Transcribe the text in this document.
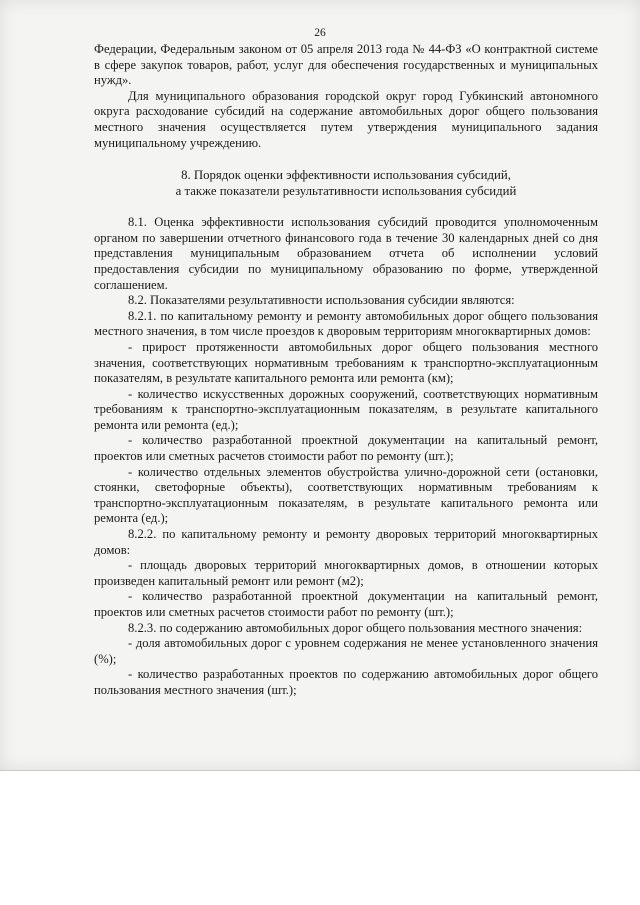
26

Федерации, Федеральным законом от 05 апреля 2013 года № 44-ФЗ «О контрактной системе в сфере закупок товаров, работ, услуг для обеспечения государственных и муниципальных нужд».

Для муниципального образования городской округ город Губкинский автономного округа расходование субсидий на содержание автомобильных дорог общего пользования местного значения осуществляется путем утверждения муниципального задания муниципальному учреждению.

8. Порядок оценки эффективности использования субсидий,
а также показатели результативности использования субсидий

8.1. Оценка эффективности использования субсидий проводится уполномоченным органом по завершении отчетного финансового года в течение 30 календарных дней со дня представления муниципальным образованием отчета об исполнении условий предоставления субсидии по муниципальному образованию по форме, утвержденной соглашением.

8.2. Показателями результативности использования субсидии являются:

8.2.1. по капитальному ремонту и ремонту автомобильных дорог общего пользования местного значения, в том числе проездов к дворовым территориям многоквартирных домов:

- прирост протяженности автомобильных дорог общего пользования местного значения, соответствующих нормативным требованиям к транспортно-эксплуатационным показателям, в результате капитального ремонта или ремонта (км);

- количество искусственных дорожных сооружений, соответствующих нормативным требованиям к транспортно-эксплуатационным показателям, в результате капитального ремонта или ремонта (ед.);

- количество разработанной проектной документации на капитальный ремонт, проектов или сметных расчетов стоимости работ по ремонту (шт.);

- количество отдельных элементов обустройства улично-дорожной сети (остановки, стоянки, светофорные объекты), соответствующих нормативным требованиям к транспортно-эксплуатационным показателям, в результате капитального ремонта или ремонта (ед.);

8.2.2. по капитальному ремонту и ремонту дворовых территорий многоквартирных домов:

- площадь дворовых территорий многоквартирных домов, в отношении которых произведен капитальный ремонт или ремонт (м2);

- количество разработанной проектной документации на капитальный ремонт, проектов или сметных расчетов стоимости работ по ремонту (шт.);

8.2.3. по содержанию автомобильных дорог общего пользования местного значения:

- доля автомобильных дорог с уровнем содержания не менее установленного значения (%);

- количество разработанных проектов по содержанию автомобильных дорог общего пользования местного значения (шт.);
